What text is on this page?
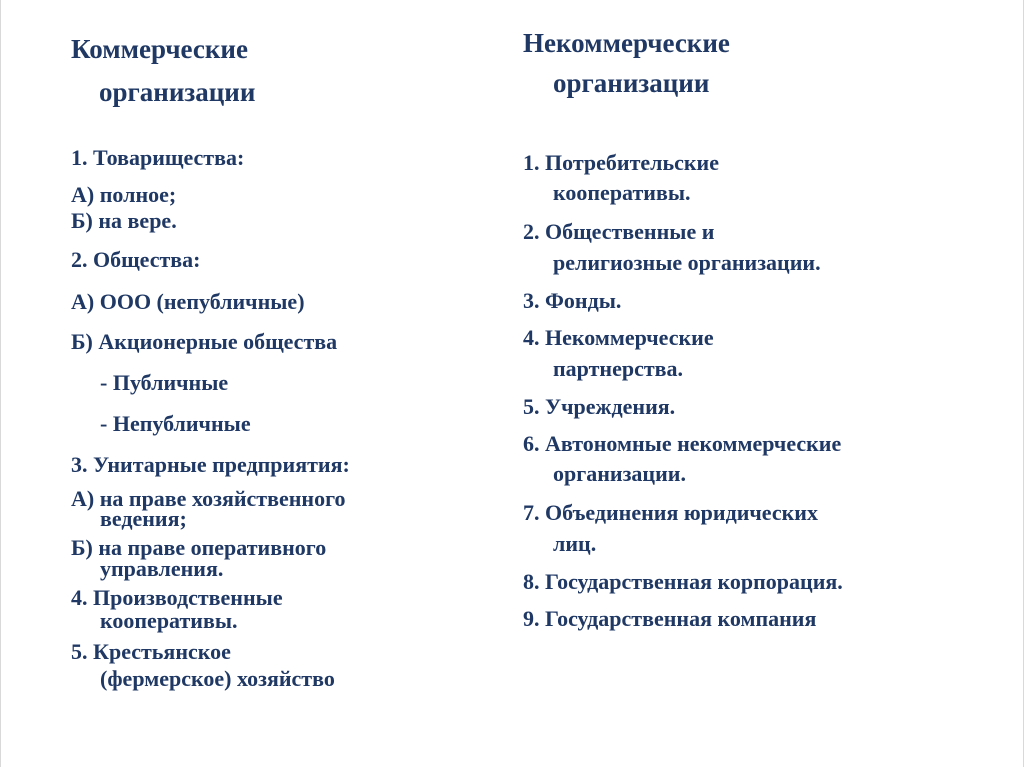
Коммерческие

организации

1. Товарищества:

А) полное;

Б) на вере.

2. Общества:

А) ООО (непубличные)

Б) Акционерные общества

- Публичные

- Непубличные

3. Унитарные предприятия:

А) на праве хозяйственного

ведения;

Б) на праве оперативного

управления.

4. Производственные

кооперативы.

5. Крестьянское

(фермерское) хозяйство

Некоммерческие

организации

1. Потребительские

кооперативы.

2. Общественные и

религиозные организации.

3. Фонды.

4. Некоммерческие

партнерства.

5. Учреждения.

6. Автономные некоммерческие

организации.

7. Объединения юридических

лиц.

8. Государственная корпорация.

9. Государственная компания
